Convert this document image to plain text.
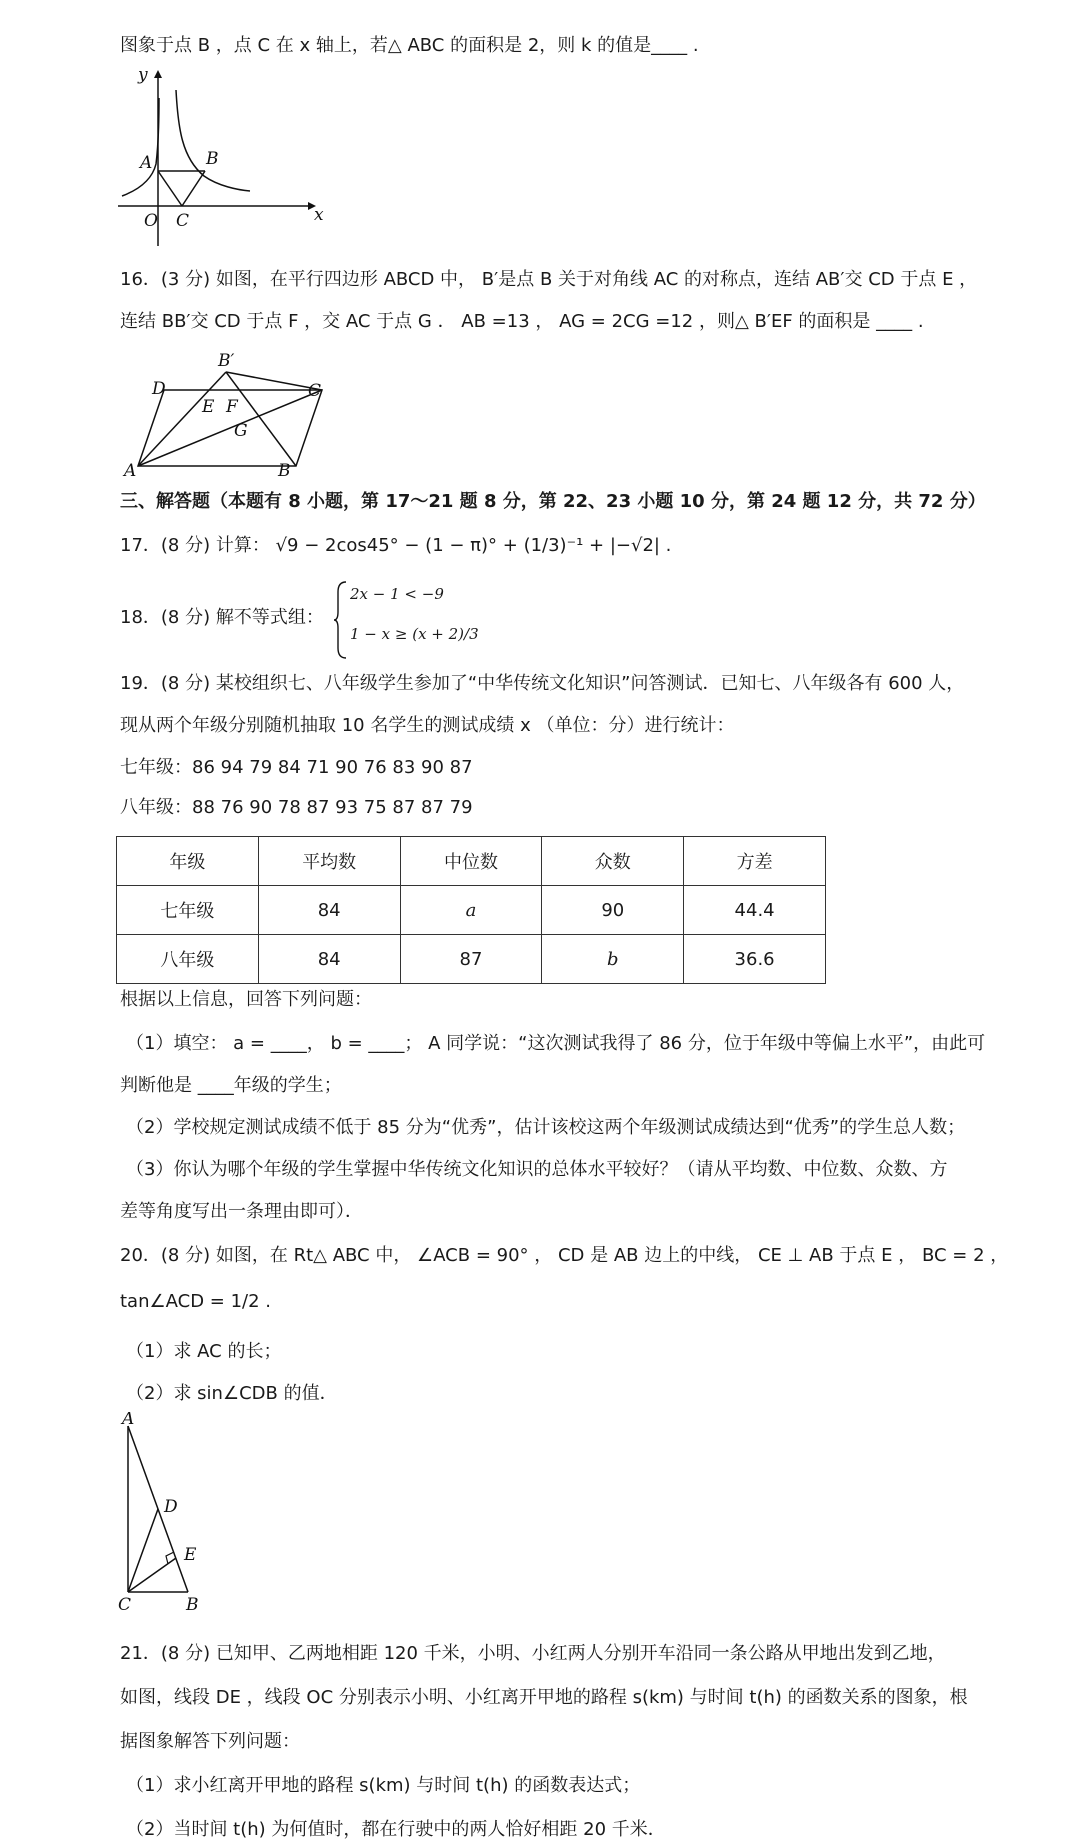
图象于点 B ，点 C 在 x 轴上，若△ ABC 的面积是 2，则 k 的值是____ .
y
x
O
A	B
C
16．(3 分) 如图，在平行四边形 ABCD 中， B′是点 B 关于对角线 AC 的对称点，连结 AB′交 CD 于点 E ，
连结 BB′交 CD 于点 F ，交 AC 于点 G ． AB =13 ， AG = 2CG =12 ，则△ B′EF 的面积是 ____ .
B′
D	C
E F
G
A	B
三、解答题（本题有 8 小题，第 17～21 题 8 分，第 22、23 小题 10 分，第 24 题 12 分，共 72 分）
17．(8 分) 计算： √9 − 2cos45° − (1 − π)° + (1/3)⁻¹ + |−√2| .
18．(8 分) 解不等式组：
2x − 1 < −9
1 − x ≥ (x + 2)/3
19．(8 分) 某校组织七、八年级学生参加了“中华传统文化知识”问答测试．已知七、八年级各有 600 人，
现从两个年级分别随机抽取 10 名学生的测试成绩 x （单位：分）进行统计：
七年级：86 94 79 84 71 90 76 83 90 87
八年级：88 76 90 78 87 93 75 87 87 79
年级	平均数	中位数	众数	方差
七年级	84	a	90	44.4
八年级	84	87	b	36.6
根据以上信息，回答下列问题：
（1）填空： a = ____， b = ____； A 同学说：“这次测试我得了 86 分，位于年级中等偏上水平”，由此可
判断他是 ____年级的学生；
（2）学校规定测试成绩不低于 85 分为“优秀”，估计该校这两个年级测试成绩达到“优秀”的学生总人数；
（3）你认为哪个年级的学生掌握中华传统文化知识的总体水平较好？（请从平均数、中位数、众数、方
差等角度写出一条理由即可）．
20．(8 分) 如图，在 Rt△ ABC 中， ∠ACB = 90° ， CD 是 AB 边上的中线， CE ⊥ AB 于点 E ， BC = 2 ，
tan∠ACD = 1/2 .
（1）求 AC 的长；
（2）求 sin∠CDB 的值．
A
D
E
C	B
21．(8 分) 已知甲、乙两地相距 120 千米，小明、小红两人分别开车沿同一条公路从甲地出发到乙地，
如图，线段 DE ，线段 OC 分别表示小明、小红离开甲地的路程 s(km) 与时间 t(h) 的函数关系的图象，根
据图象解答下列问题：
（1）求小红离开甲地的路程 s(km) 与时间 t(h) 的函数表达式；
（2）当时间 t(h) 为何值时，都在行驶中的两人恰好相距 20 千米．
